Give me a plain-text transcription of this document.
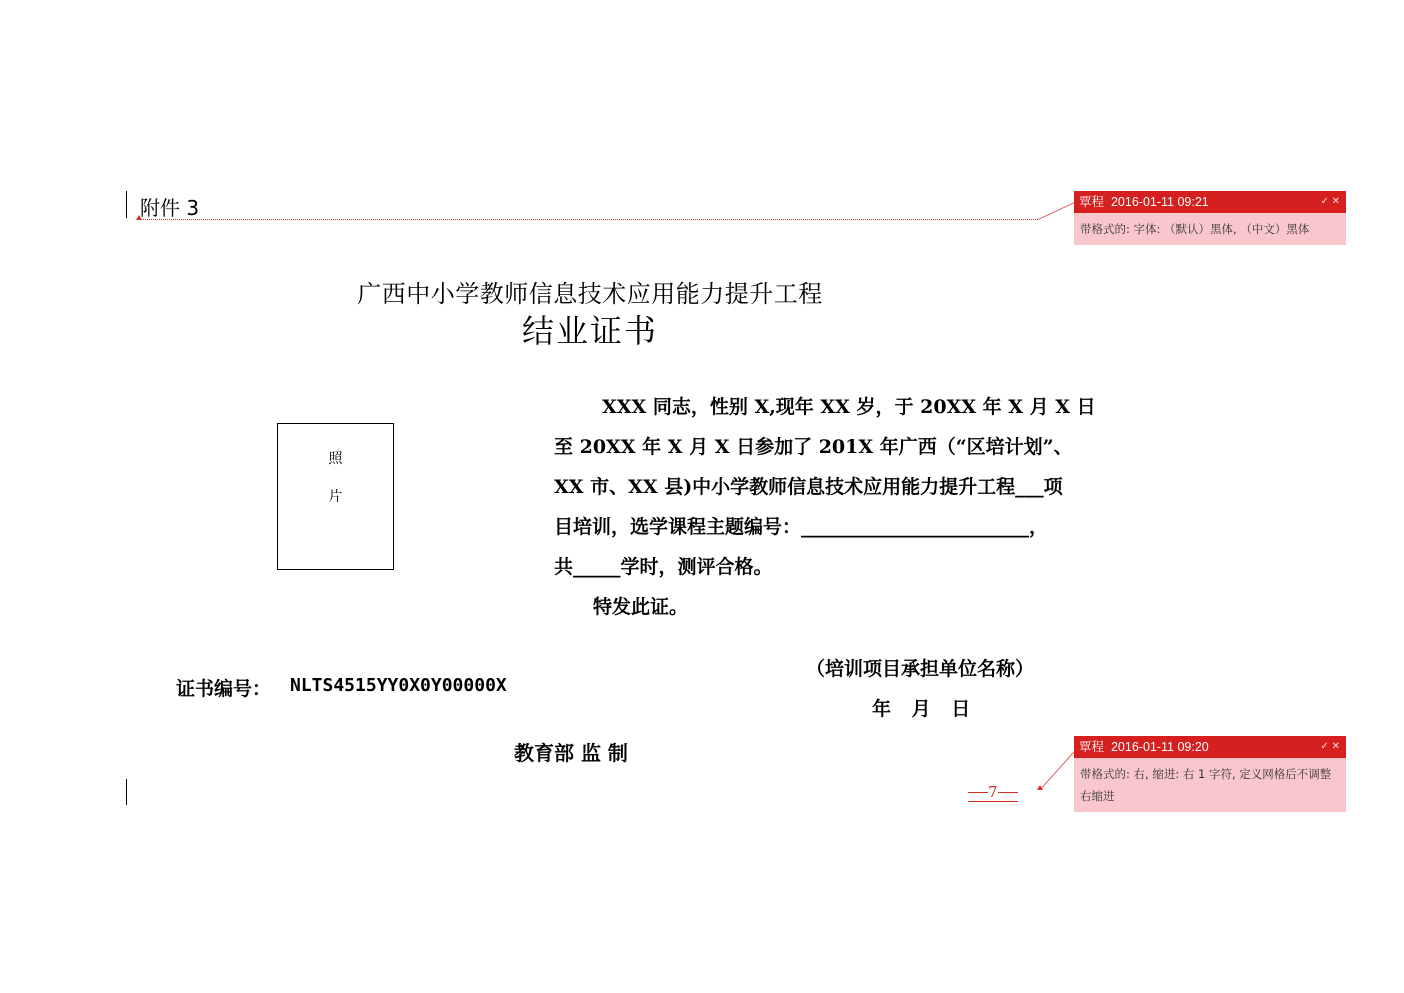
附件 3
广西中小学教师信息技术应用能力提升工程
结业证书
照
片
XXX 同志，性别 X,现年 XX 岁，于 20XX 年 X 月 X 日
至 20XX 年 X 月 X 日参加了 201X 年广西（“区培计划”、
XX 市、XX 县)中小学教师信息技术应用能力提升工程___项
目培训，选学课程主题编号：________________________，
共_____学时，测评合格。
特发此证。
证书编号： NLTS4515YY0X0Y00000X
（培训项目承担单位名称）
年 月 日
教育部 监 制
7
覃程 2016-01-11 09:21	✓ ✕
带格式的: 字体: （默认）黑体, （中文）黑体
覃程 2016-01-11 09:20	✓ ✕
带格式的: 右, 缩进: 右 1 字符, 定义网格后不调整右缩进
